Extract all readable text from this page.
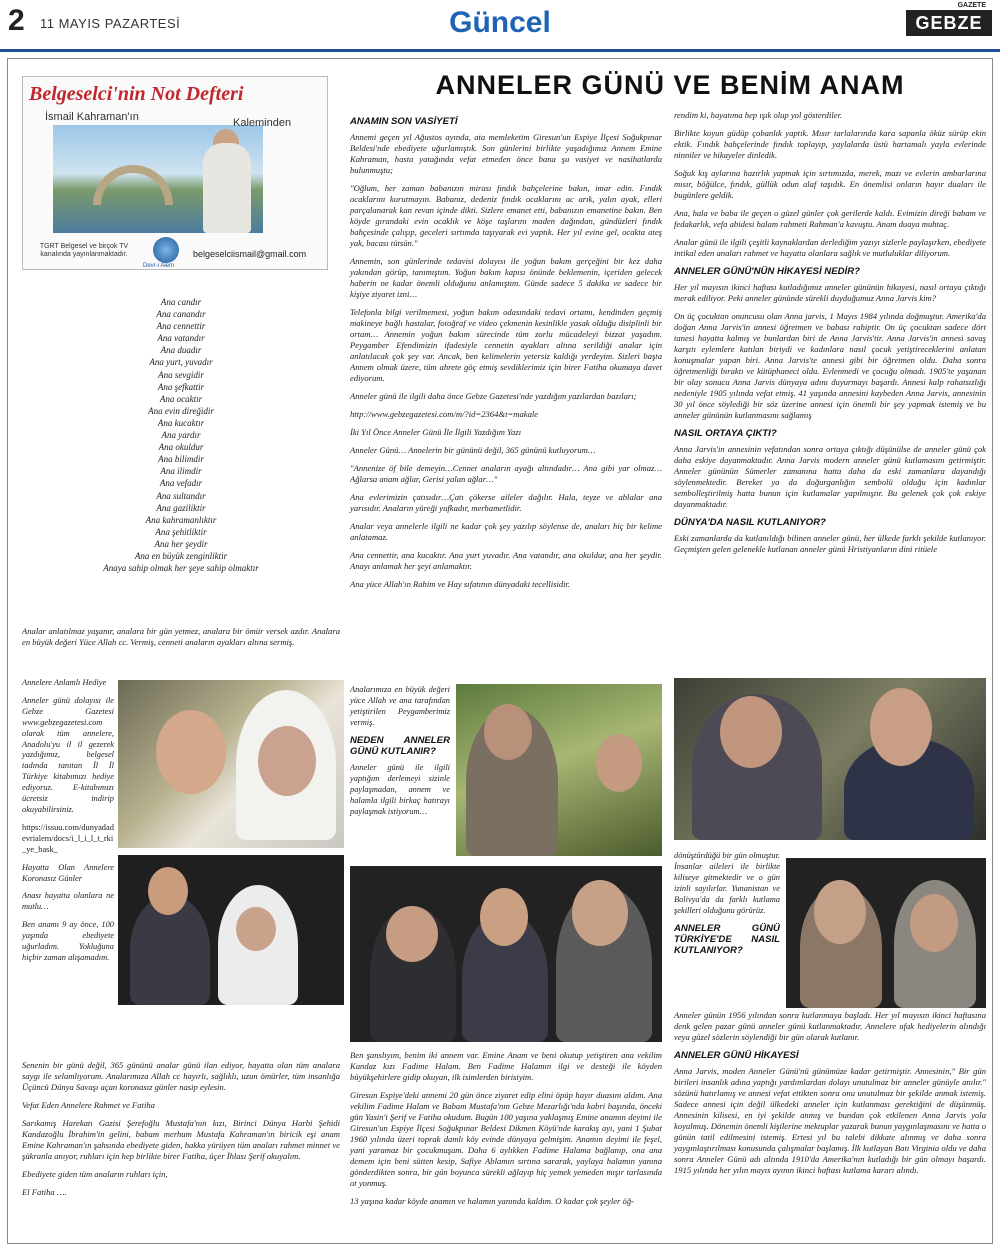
2 11 MAYIS PAZARTESİ	Güncel
GAZETE
GEBZE
Belgeselci'nin Not Defteri
İsmail Kahraman'ın	Kaleminden
TGRT Belgesel ve birçok TV kanalında yayınlanmaktadır.
Devr-i Alem
belgeselciismail@gmail.com
Ana candır
Ana canandır
Ana cennettir
Ana vatandır
Ana duadır
Ana yurt, yuvadır
Ana sevgidir
Ana şefkattir
Ana ocaktır
Ana evin direğidir
Ana kucaktır
Ana yardır
Ana okuldur
Ana bilimdir
Ana ilimdir
Ana vefadır
Ana sultandır
Ana gaziliktir
Ana kahramanlıktır
Ana şehitliktir
Ana her şeydir
Ana en büyük zenginliktir
Anaya sahip olmak her şeye sahip olmaktır
ANNELER GÜNÜ VE BENİM ANAM

Analar anlatılmaz yaşanır, analara bir gün yetmez, analara bir ömür versek azdır. Analara en büyük değeri Yüce Allah cc. Vermiş, cenneti anaların ayakları altına sermiş.

Annelere Anlamlı Hediye

Anneler günü dolayısı ile Gebze Gazetesi www.gebzegazetesi.com olarak tüm annelere, Anadolu'yu il il gezerek yazdığımız, belgesel tadında tanıtan İl İl Türkiye kitabımızı hediye ediyoruz. E-kitabımızı ücretsiz indirip okuyabilirsiniz.

https://issuu.com/dunyadadevrialem/docs/i_l_i_l_t_rki_ye_bask_

Hayatta Olan Annelere Koronasız Günler

Anası hayatta olanlara ne mutlu…

Ben anamı 9 ay önce, 100 yaşında ebediyete uğurladım. Yokluğuna hiçbir zaman alışamadım.

Senenin bir günü değil, 365 gününü analar günü ilan ediyor, hayatta olan tüm analara saygı ile selamlıyorum. Analarımıza Allah cc hayırlı, sağlıklı, uzun ömürler, tüm insanlığa Üçüncü Dünya Savaşı açan koronasız günler nasip eylesin.

Vefat Eden Annelere Rahmet ve Fatiha

Sarıkamış Harekatı Gazisi Şerefoğlu Mustafa'nın kızı, Birinci Dünya Harbi Şehidi Kandazoğlu İbrahim'in gelini, babam merhum Mustafa Kahraman'ın biricik eşi anam Emine Kahraman'ın şahsında ebediyete giden, hakka yürüyen tüm anaları rahmet minnet ve şükranla anıyor, ruhları için hep birlikte birer Fatiha, üçer İhlası Şerif okuyalım.

Ebediyete giden tüm anaların ruhları için,

El Fatiha ….

ANAMIN SON VASİYETİ

Annemi geçen yıl Ağustos ayında, ata memleketim Giresun'un Espiye İlçesi Soğukpınar Beldesi'nde ebediyete uğurlamıştık. Son günlerini birlikte yaşadığımız Annem Emine Kahraman, hasta yatağında vefat etmeden önce bana şu vasiyet ve nasihatlarda bulunmuştu;

"Oğlum, her zaman babanızın mirası fındık bahçelerine bakın, imar edin. Fındık ocaklarını kurutmayın. Babanız, dedeniz fındık ocaklarını ac arık, yalın ayak, elleri parçalanarak kan revan içinde dikti. Sizlere emanet etti, babanızın emanetine bakın. Ben köyde gırandaki evin ocaklık ve köşe taşlarını maden dağından, gündüzleri fındık bahçesinde çalışıp, geceleri sırtımda taşıyarak evi yaptık. Her yıl evine gel, ocakta ateş yak, bacası tütsün."

Annemin, son günlerinde tedavisi dolayısı ile yoğun bakım gerçeğini bir kez daha yakından görüp, tanımıştım. Yoğun bakım kapısı önünde beklemenin, içeriden gelecek haberin ne kadar önemli olduğunu anlamıştım. Günde sadece 5 dakika ve sadece bir kişiye ziyaret izni…

Telefonla bilgi verilmemesi, yoğun bakım odasındaki tedavi ortamı, kendinden geçmiş makineye bağlı hastalar, fotoğraf ve video çekmenin kesinlikle yasak olduğu disiplinli bir ortam… Annemin yoğun bakım sürecinde tüm zorlu mücadeleyi bizzat yaşadım. Peygamber Efendimizin ifadesiyle cennetin ayakları altına serildiği analar için anlatılacak çok şey var. Ancak, ben kelimelerin yetersiz kaldığı yerdeyim. Sizleri başta Annem olmak üzere, tüm ahrete göç etmiş sevdiklerimiz için birer Fatiha okumaya davet ediyorum.

Anneler günü ile ilgili daha önce Gebze Gazetesi'nde yazdığım yazılardan bazıları;

http://www.gebzegazetesi.com/m/?id=2364&t=makale

İki Yıl Önce Anneler Günü İle İlgili Yazdığım Yazı

Anneler Günü… Annelerin bir gününü değil, 365 gününü kutluyorum…

"Annenize öf bile demeyin…Cennet anaların ayağı altındadır… Ana gibi yar olmaz… Ağlarsa anam ağlar, Gerisi yalan ağlar…"

Ana evlerimizin çatısıdır…Çatı çökerse aileler dağılır. Hala, teyze ve ablalar ana yarısıdır. Anaların yüreği yufkadır, merhametlidir.

Analar veya annelerle ilgili ne kadar çok şey yazılıp söylense de, anaları hiç bir kelime anlatamaz.

Ana cennettir, ana kucaktır. Ana yurt yuvadır. Ana vatandır, ana okuldur, ana her şeydir. Anayı anlamak her şeyi anlamaktır.

Ana yüce Allah'ın Rahim ve Hay sıfatının dünyadaki tecellisidir.

Analarımıza en büyük değeri yüce Allah ve ana tarafından yetiştirilen Peygamberimiz vermiş.

NEDEN ANNELER GÜNÜ KUTLANIR?

Anneler günü ile ilgili yaptığım derlemeyi sizinle paylaşmadan, annem ve halamla ilgili birkaç hatırayı paylaşmak istiyorum…

Ben şanslıyım, benim iki annem var. Emine Anam ve beni okutup yetiştiren ana vekilim Kandaz kızı Fadime Halam. Ben Fadime Halamın ilgi ve desteği ile köyden büyükşehirlere gidip okuyan, ilk isimlerden birisiyim.

Giresun Espiye'deki annemi 20 gün önce ziyaret edip elini öpüp hayır duasını aldım. Ana vekilim Fadime Halam ve Babam Mustafa'nın Gebze Mezarlığı'nda kabri başında, önceki gün Yasin'i Şerif ve Fatiha okudum. Bugün 100 yaşına yaklaşmış Emine anamın deyimi ile Giresun'un Espiye İlçesi Soğukpınar Beldesi Dikmen Köyü'nde karakış ayı, yani 1 Şubat 1960 yılında üzeri toprak damlı köy evinde dünyaya gelmişim. Anamın deyimi ile feşel, yani yaramaz bir çocukmuşum. Daha 6 aylıkken Fadime Halama bağlanıp, ona ana demem için beni sütten kesip, Safiye Ablamın sırtına sararak, yaylaya halamın yanına gönderdikten sonra, bir gün boyunca sürekli ağlayıp hiç yemek yemeden mışır tarlasında ot yonmuş.

13 yaşına kadar köyde anamın ve halamın yanında kaldım. O kadar çok şeyler öğ-

rendim ki, hayatıma hep ışık olup yol gösterdiler.

Birlikte koyun güdüp çobanlık yaptık. Mısır tarlalarında kara sapanla öküz sürüp ekin ektik. Fındık bahçelerinde fındık toplayıp, yaylalarda üstü hartamalı yayla evlerinde ninniler ve hikayeler dinledik.

Soğuk kış aylarına hazırlık yapmak için sırtımızda, merek, mazı ve evlerin ambarlarına mısır, böğülce, fındık, güllük odun alaf taşıdık. En önemlisi onların hayır duaları ile bugünlere geldik.

Ana, hala ve baba ile geçen o güzel günler çok gerilerde kaldı. Evimizin direği babam ve fedakarlık, vefa abidesi halam rahmeti Rahman'a kavuştu. Anam duaya muhtaç.

Analar günü ile ilgili çeşitli kaynaklardan derlediğim yazıyı sizlerle paylaşırken, ebediyete intikal eden anaları rahmet ve hayatta olanlara sağlık ve mutluluklar diliyorum.

ANNELER GÜNÜ'NÜN HİKAYESİ NEDİR?

Her yıl mayısın ikinci haftası kutladığımız anneler gününün hikayesi, nasıl ortaya çıktığı merak ediliyor. Peki anneler gününde sürekli duyduğumuz Anna Jarvis kim?

On üç çocuktan onuncusu olan Anna jarvis, 1 Mayıs 1984 yılında doğmuştur. Amerika'da doğan Anna Jarvis'in annesi öğretmen ve babası rahiptir. On üç çocuktan sadece dört tanesi hayatta kalmış ve bunlardan biri de Anna Jarvis'tir. Anna Jarvis'in annesi savaş karşıtı eylemlere katılan biriydi ve kadınlara nasıl çocuk yetiştireceklerini anlatan konuşmalar yapan biri. Anna Jarvis'te annesi gibi bir öğretmen oldu. Daha sonra öğretmenliği bıraktı ve kütüphaneci oldu. Evlenmedi ve çocuğu olmadı. 1905'te yaşanan bir olay sonucu Anna Jarvis dünyaya adını duyurmayı başardı. Annesi kalp rahatsızlığı nedeniyle 1905 yılında vefat etmiş. 41 yaşında annesini kaybeden Anna Jarvis, annesinin 30 yıl önce söylediği bir söz üzerine annesi için önemli bir şey yapmak istemiş ve bu anneler gününün kutlanmasını sağlamış

NASIL ORTAYA ÇIKTI?

Anna Jarvis'in annesinin vefatından sonra ortaya çıktığı düşünülse de anneler günü çok daha eskiye dayanmaktadır. Anna Jarvis modern anneler günü kutlamasını getirmiştir. Anneler gününün Sümerler zamanına hatta daha da eski zamanlara dayandığı söylenmektedir. Bereket ya da doğurganlığın sembolü olduğu için kadınlar sembolleştirilmiş hatta bunun için kutlamalar yapılmıştır. Bu gelenek çok çok eskiye dayanmaktadır.

DÜNYA'DA NASIL KUTLANIYOR?

Eski zamanlarda da kutlanıldığı bilinen anneler günü, her ülkede farklı şekilde kutlanıyor. Geçmişten gelen gelenekle kutlanan anneler günü Hristiyanların dini ritüele

dönüştürdüğü bir gün olmuştur. İnsanlar aileleri ile birlikte kiliseye gitmektedir ve o gün izinli sayılırlar. Yunanistan ve Bolivya'da da farklı kutlama şekilleri olduğunu görürüz.

ANNELER GÜNÜ TÜRKİYE'DE NASIL KUTLANIYOR?

Anneler günün 1956 yılından sonra kutlanmaya başladı. Her yıl mayısın ikinci haftasına denk gelen pazar günü anneler günü kutlanmaktadır. Annelere ufak hediyelerin alındığı veya güzel sözlerin söylendiği bir gün olarak kutlanır.

ANNELER GÜNÜ HİKAYESİ

Anna Jarvis, moden Anneler Günü'nü günümüze kadar getirmiştir. Annesinin," Bir gün birileri insanlık adına yaptığı yardımlardan dolayı unutulmaz bir anneler günüyle anılır." sözünü hatırlamış ve annesi vefat ettikten sonra onu unutulmaz bir şekilde anmak istemiş. Sadece annesi için değil ülkedeki anneler için kutlanması gerektiğini de düşünmüş. Annesinin kilisesi, en iyi şekilde anmış ve bundan çok etkilenen Anna Jarvis yola koyulmuş. Dönemin önemli kişilerine mektuplar yazarak bunun yaygınlaşmasını ve hatta o günün tatil edilmesini istemiş. Ertesi yıl bu talebi dikkate alınmış ve daha sonra yaygınlaştırılması konusunda çalışmalar başlamış. İlk kutlayan Batı Virginia oldu ve daha sonra Anneler Günü adı altında 1910'da Amerika'nın kutladığı bir gün olmayı başardı. 1915 yılında her yılın mayıs ayının ikinci haftası kutlama kararı alındı.
